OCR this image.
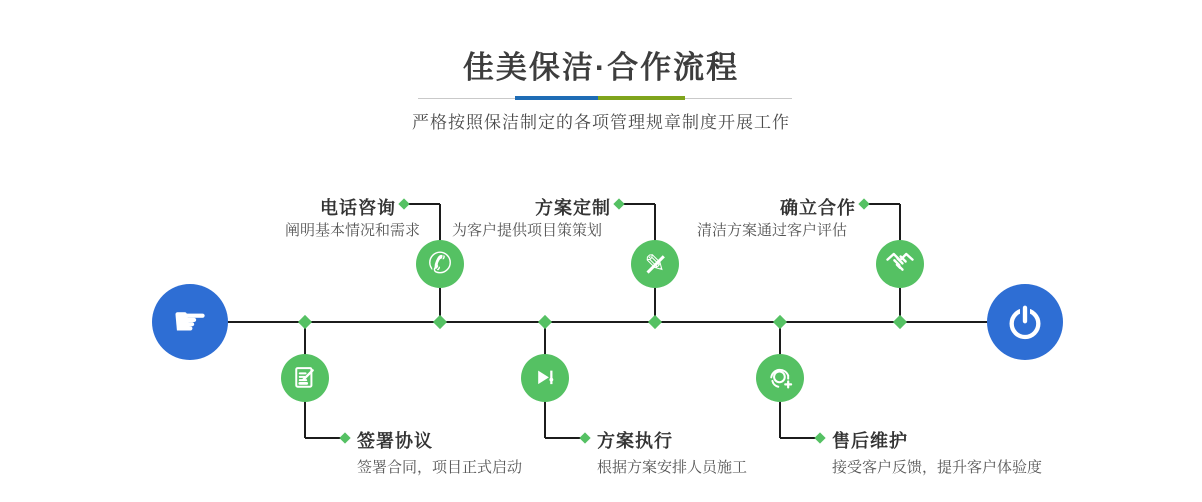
佳美保洁·合作流程
严格按照保洁制定的各项管理规章制度开展工作
☛
✆	✎
电话咨询
阐明基本情况和需求
方案定制
为客户提供项目策策划
确立合作
清洁方案通过客户评估
签署协议
签署合同，项目正式启动
方案执行
根据方案安排人员施工
售后维护
接受客户反馈，提升客户体验度
